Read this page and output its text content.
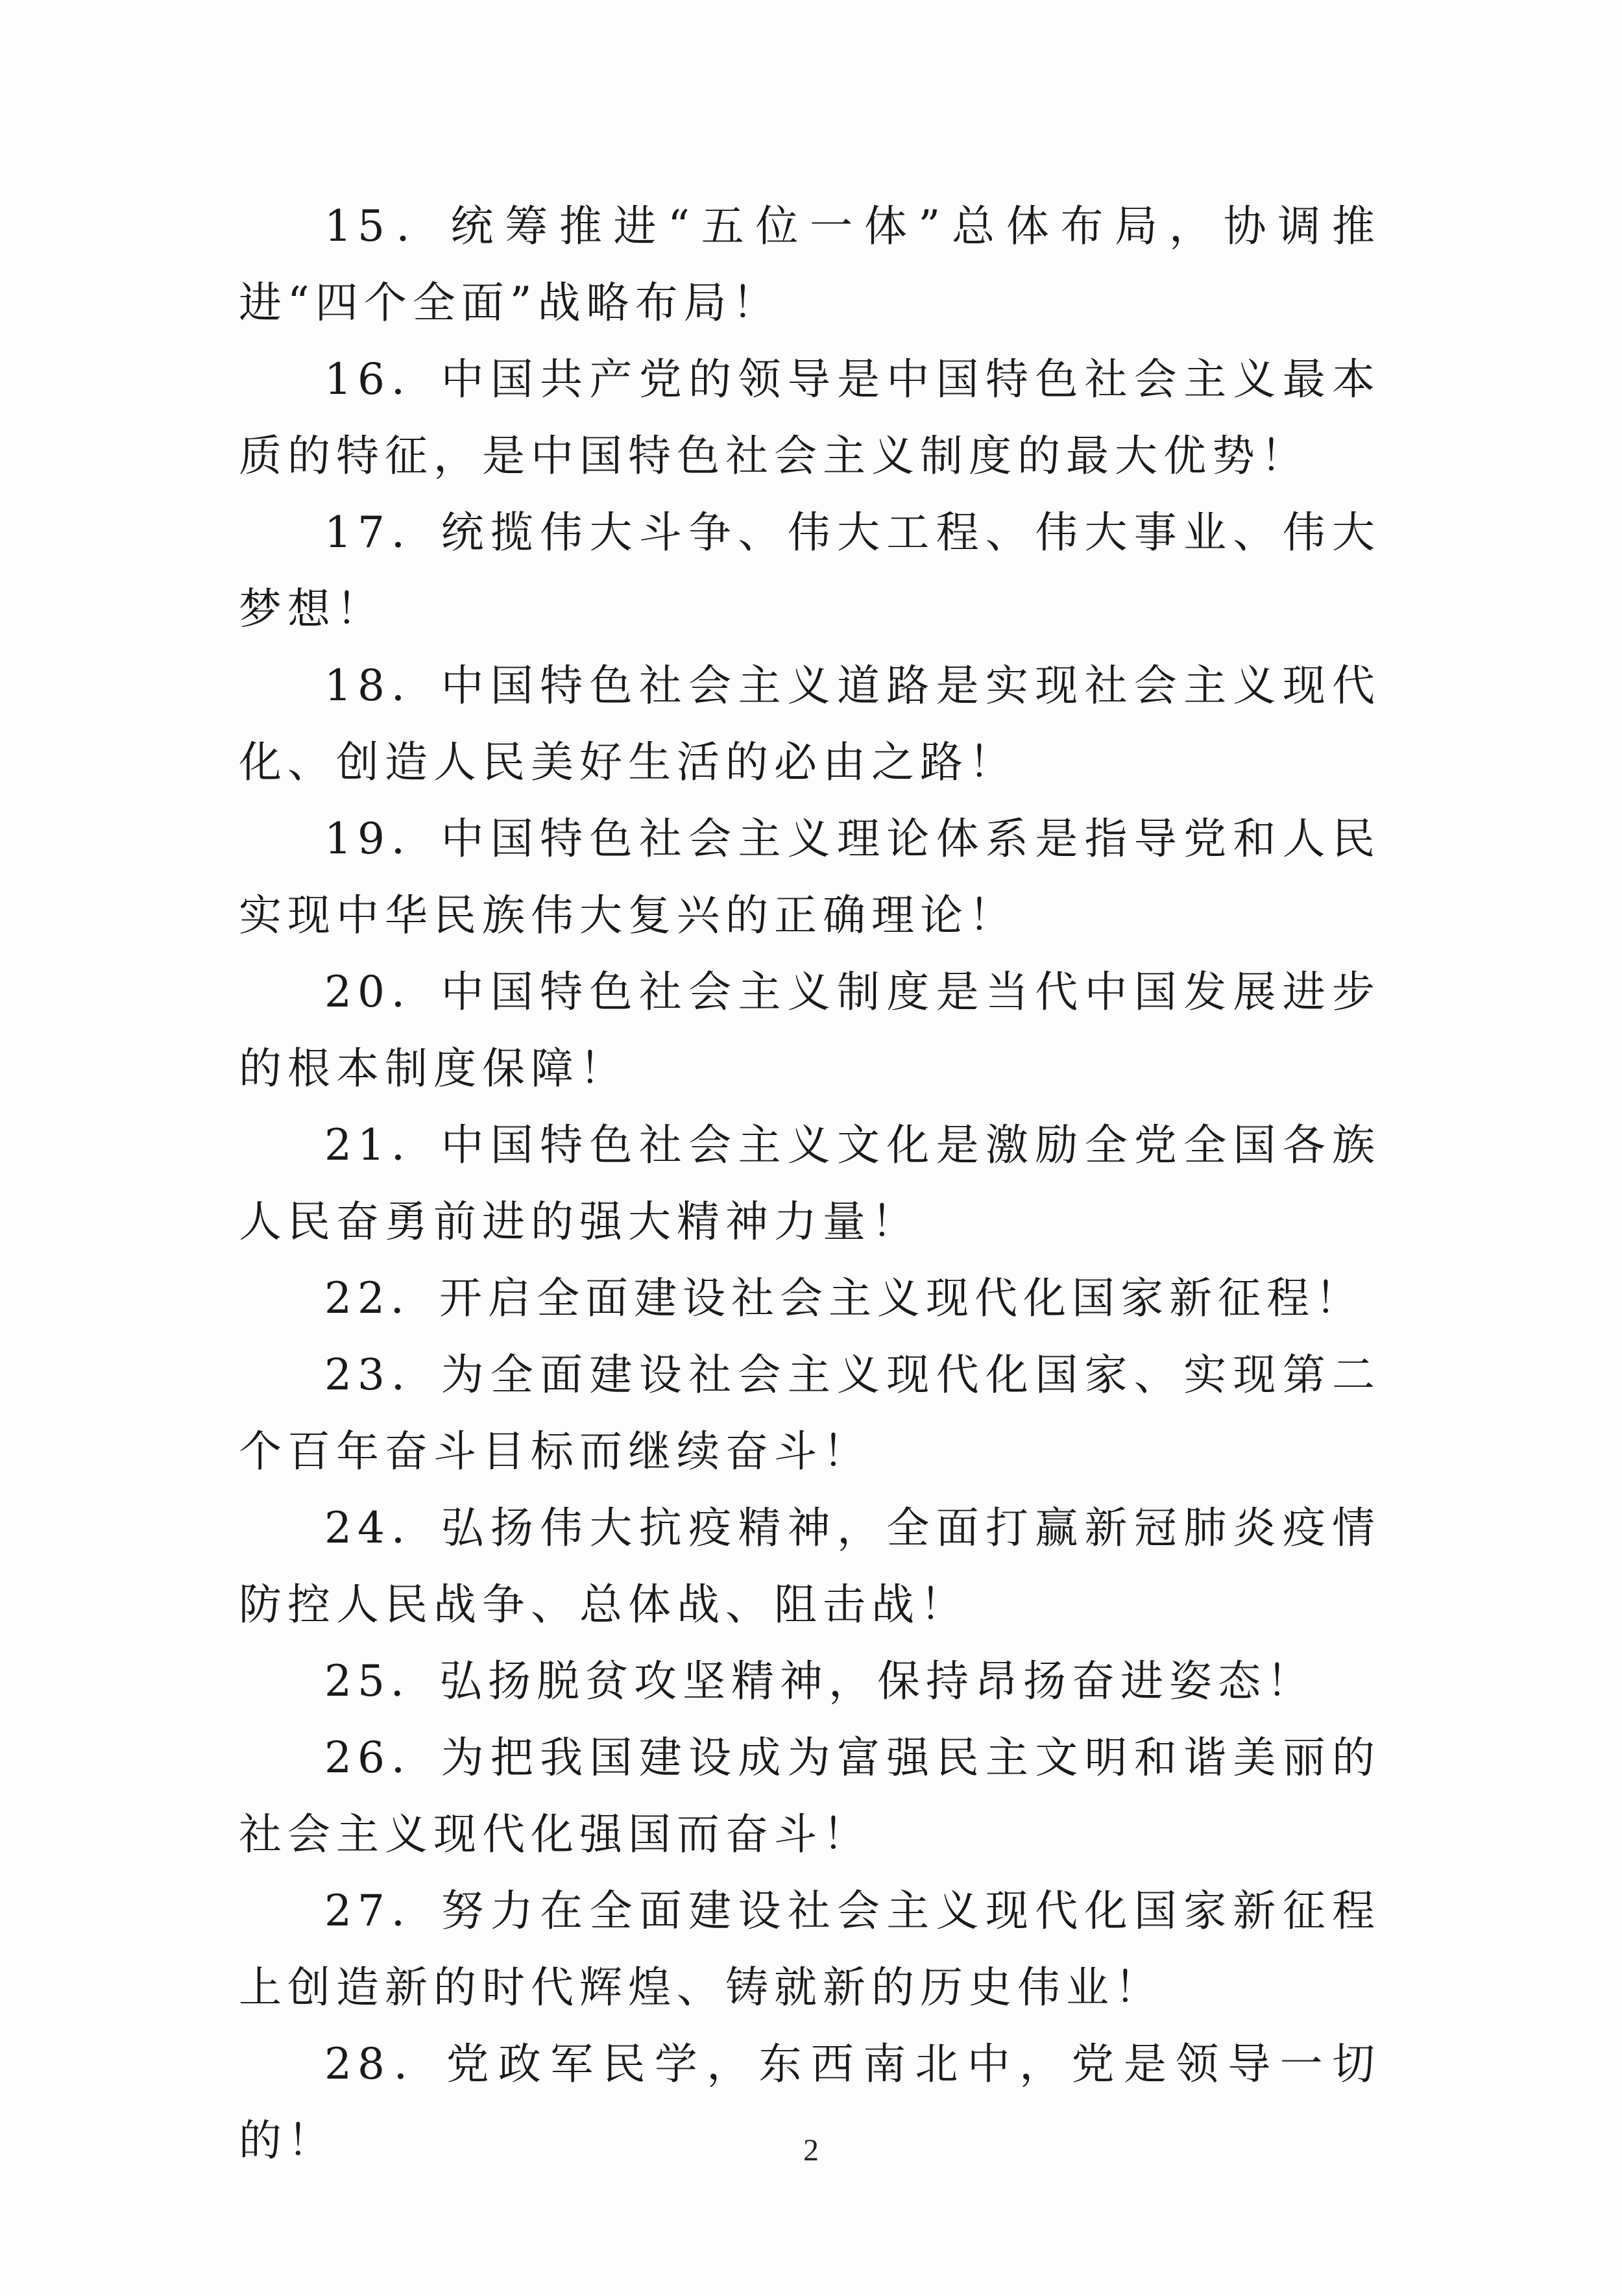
15．统筹推进“五位一体”总体布局，协调推进“四个全面”战略布局！

16．中国共产党的领导是中国特色社会主义最本质的特征，是中国特色社会主义制度的最大优势！

17．统揽伟大斗争、伟大工程、伟大事业、伟大梦想！

18．中国特色社会主义道路是实现社会主义现代化、创造人民美好生活的必由之路！

19．中国特色社会主义理论体系是指导党和人民实现中华民族伟大复兴的正确理论！

20．中国特色社会主义制度是当代中国发展进步的根本制度保障！

21．中国特色社会主义文化是激励全党全国各族人民奋勇前进的强大精神力量！

22．开启全面建设社会主义现代化国家新征程！

23．为全面建设社会主义现代化国家、实现第二个百年奋斗目标而继续奋斗！

24．弘扬伟大抗疫精神，全面打赢新冠肺炎疫情防控人民战争、总体战、阻击战！

25．弘扬脱贫攻坚精神，保持昂扬奋进姿态！

26．为把我国建设成为富强民主文明和谐美丽的社会主义现代化强国而奋斗！

27．努力在全面建设社会主义现代化国家新征程上创造新的时代辉煌、铸就新的历史伟业！

28．党政军民学，东西南北中，党是领导一切的！	2
